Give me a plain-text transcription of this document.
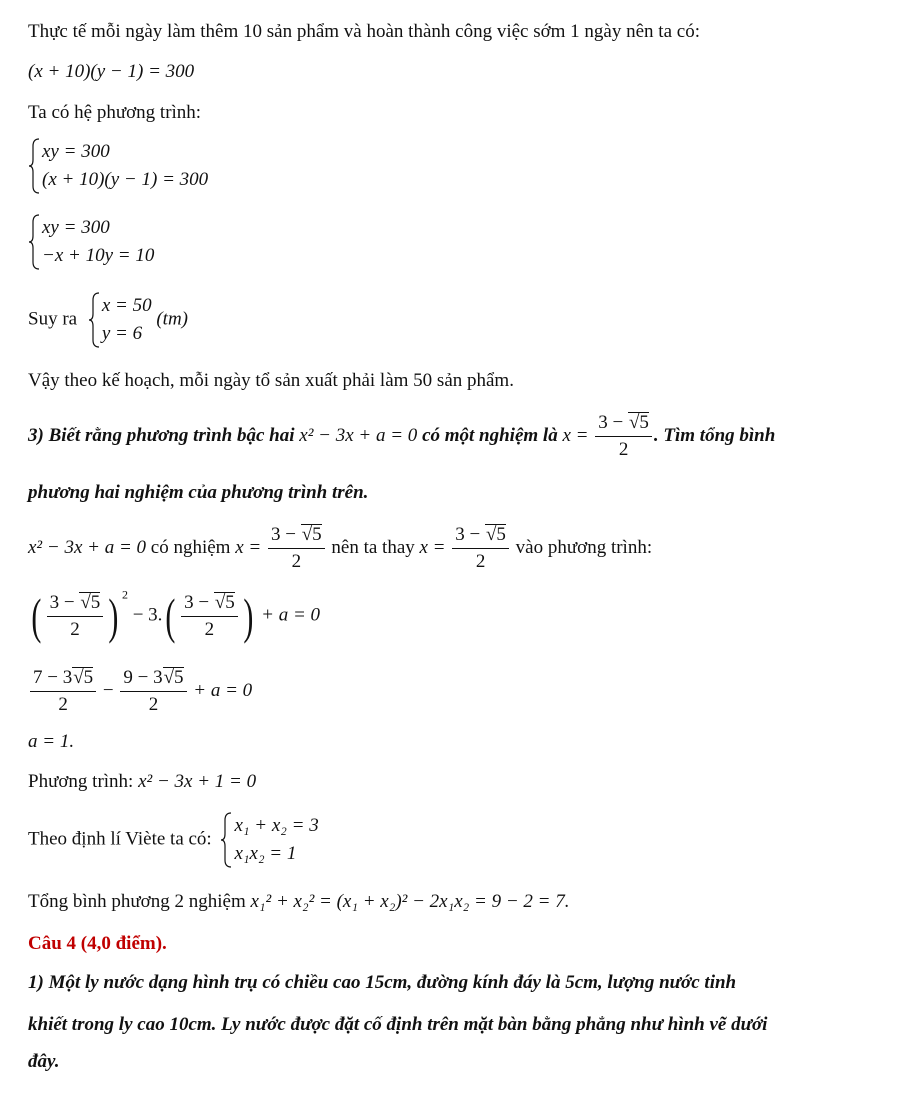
Thực tế mỗi ngày làm thêm 10 sản phẩm và hoàn thành công việc sớm 1 ngày nên ta có:
(x + 10)(y − 1) = 300
Ta có hệ phương trình:
xy = 300
(x + 10)(y − 1) = 300
xy = 300
−x + 10y = 10
Suy ra
x = 50
y = 6
(tm)
Vậy theo kế hoạch, mỗi ngày tổ sản xuất phải làm 50 sản phẩm.
3) Biết rằng phương trình bậc hai x² − 3x + a = 0 có một nghiệm là $x = \frac{3 - √5}{2}$ . Tìm tổng bình
phương hai nghiệm của phương trình trên.
x² − 3x + a = 0 có nghiệm $x = \frac{3 - √5}{2}$ nên ta thay $x = \frac{3 - √5}{2}$ vào phương trình:
( $\frac{3 - √5}{2}$ ) $^2 - 3.( \frac{3 - √5}{2}$ ) + a = 0
$\frac{7 - 3√5}{2} - \frac{9 - 3√5}{2} + a = 0$
a = 1.
Phương trình: x² − 3x + 1 = 0
Theo định lí Viète ta có:
x₁ + x₂ = 3
x₁x₂ = 1
Tổng bình phương 2 nghiệm x₁² + x₂² = (x₁ + x₂)² − 2x₁x₂ = 9 − 2 = 7.
Câu 4 (4,0 điểm).
1) Một ly nước dạng hình trụ có chiều cao 15cm, đường kính đáy là 5cm, lượng nước tinh
khiết trong ly cao 10cm. Ly nước được đặt cố định trên mặt bàn bằng phẳng như hình vẽ dưới
đây.
